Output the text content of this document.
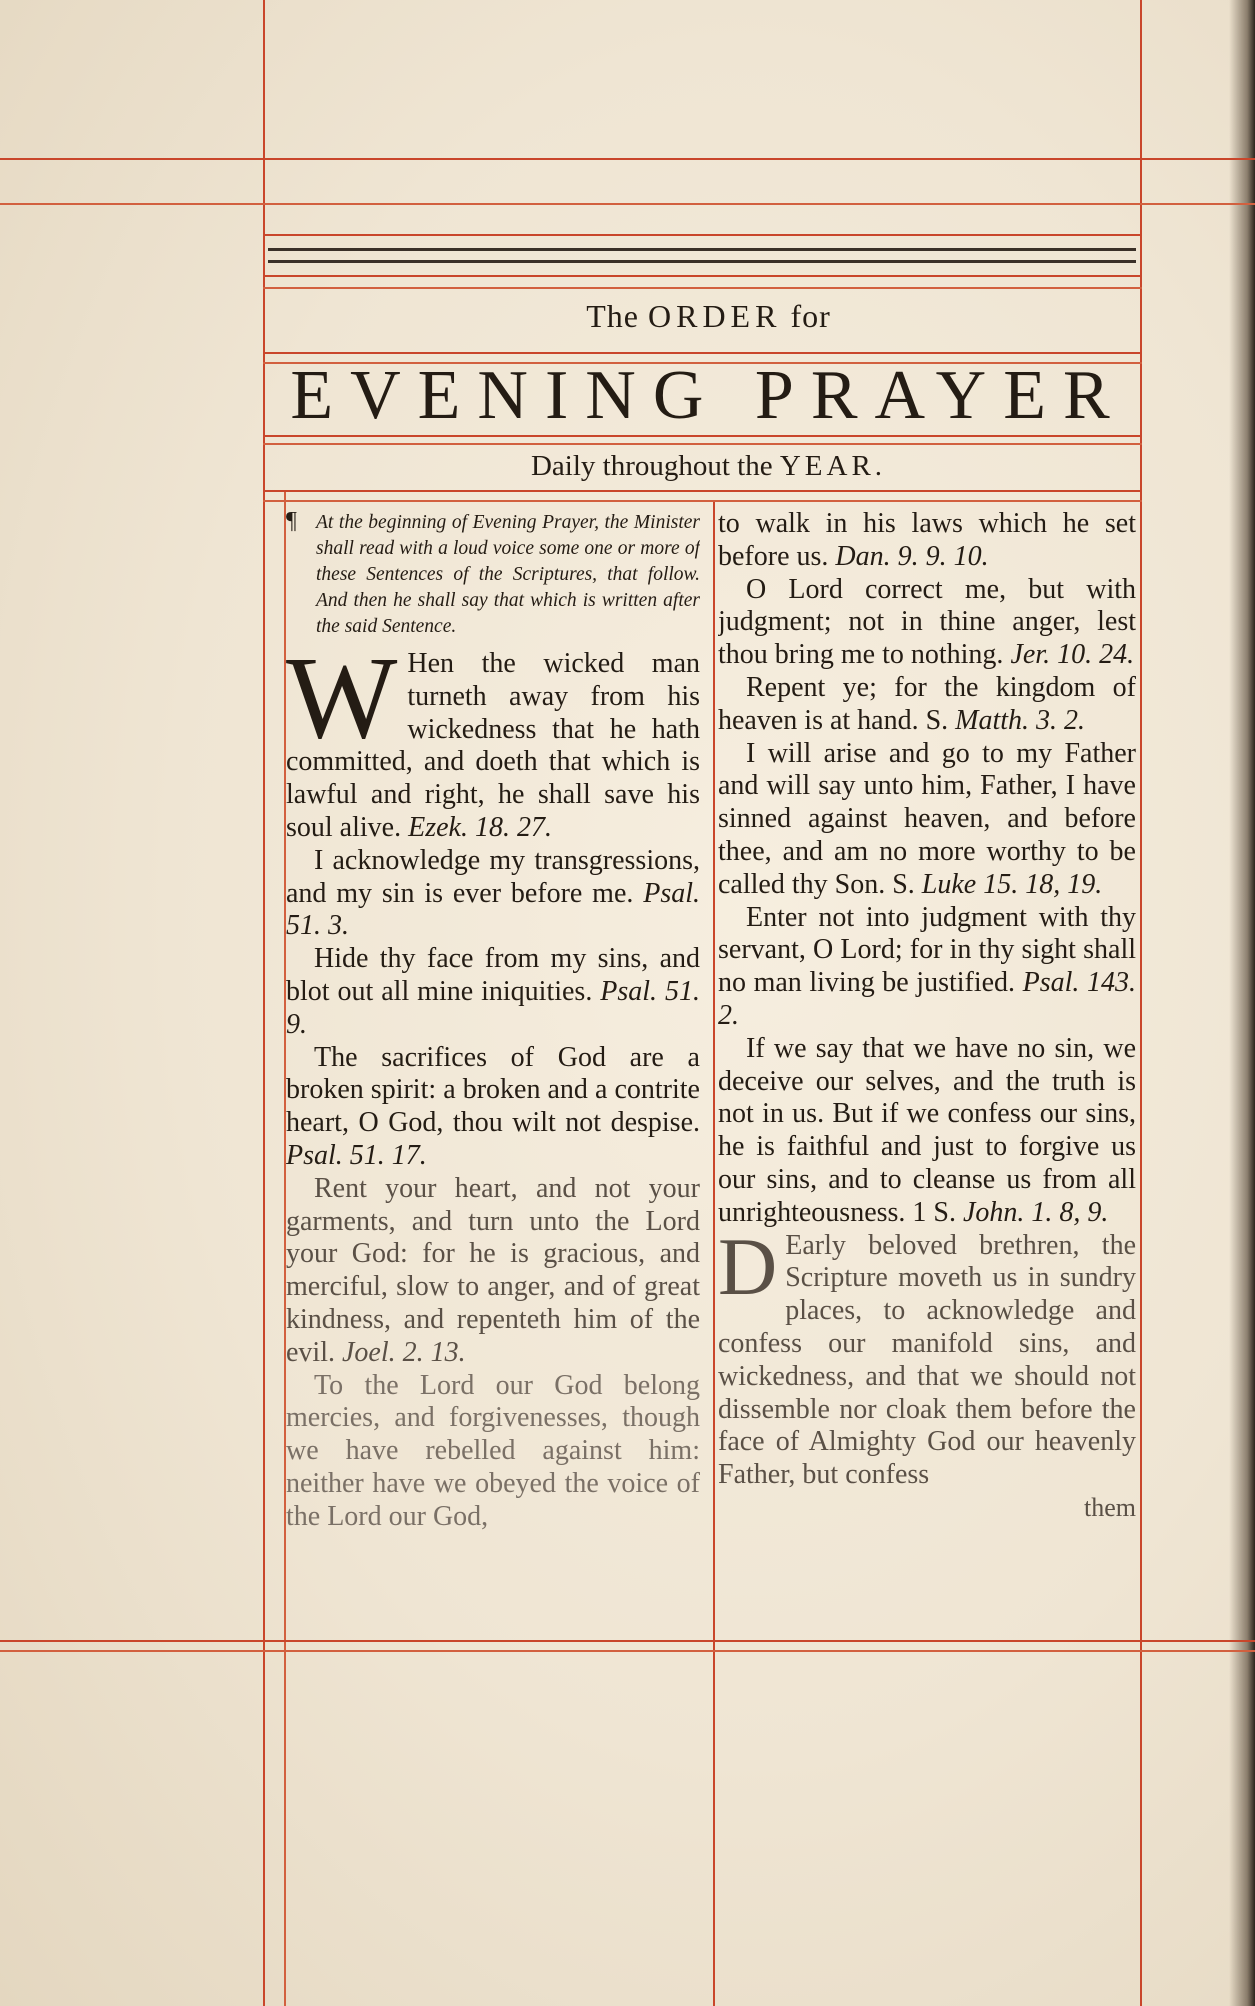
The ORDER for
EVENING PRAYER
Daily throughout the YEAR.

¶ At the beginning of Evening Prayer, the Minister shall read with a loud voice some one or more of these Sentences of the Scriptures, that follow. And then he shall say that which is written after the said Sentence.

W Hen the wicked man turneth away from his wickedness that he hath committed, and doeth that which is lawful and right, he shall save his soul alive. Ezek. 18. 27.

I acknowledge my transgressions, and my sin is ever before me. Psal. 51. 3.

Hide thy face from my sins, and blot out all mine iniquities. Psal. 51. 9.

The sacrifices of God are a broken spirit: a broken and a contrite heart, O God, thou wilt not despise. Psal. 51. 17.

Rent your heart, and not your garments, and turn unto the Lord your God: for he is gracious, and merciful, slow to anger, and of great kindness, and repenteth him of the evil. Joel. 2. 13.

To the Lord our God belong mercies, and forgivenesses, though we have rebelled against him: neither have we obeyed the voice of the Lord our God,

to walk in his laws which he set before us. Dan. 9. 9. 10.

O Lord correct me, but with judgment; not in thine anger, lest thou bring me to nothing. Jer. 10. 24.

Repent ye; for the kingdom of heaven is at hand. S. Matth. 3. 2.

I will arise and go to my Father and will say unto him, Father, I have sinned against heaven, and before thee, and am no more worthy to be called thy Son. S. Luke 15. 18, 19.

Enter not into judgment with thy servant, O Lord; for in thy sight shall no man living be justified. Psal. 143. 2.

If we say that we have no sin, we deceive our selves, and the truth is not in us. But if we confess our sins, he is faithful and just to forgive us our sins, and to cleanse us from all unrighteousness. 1 S. John. 1. 8, 9.

D Early beloved brethren, the Scripture moveth us in sundry places, to acknowledge and confess our manifold sins, and wickedness, and that we should not dissemble nor cloak them before the face of Almighty God our heavenly Father, but confess

them
